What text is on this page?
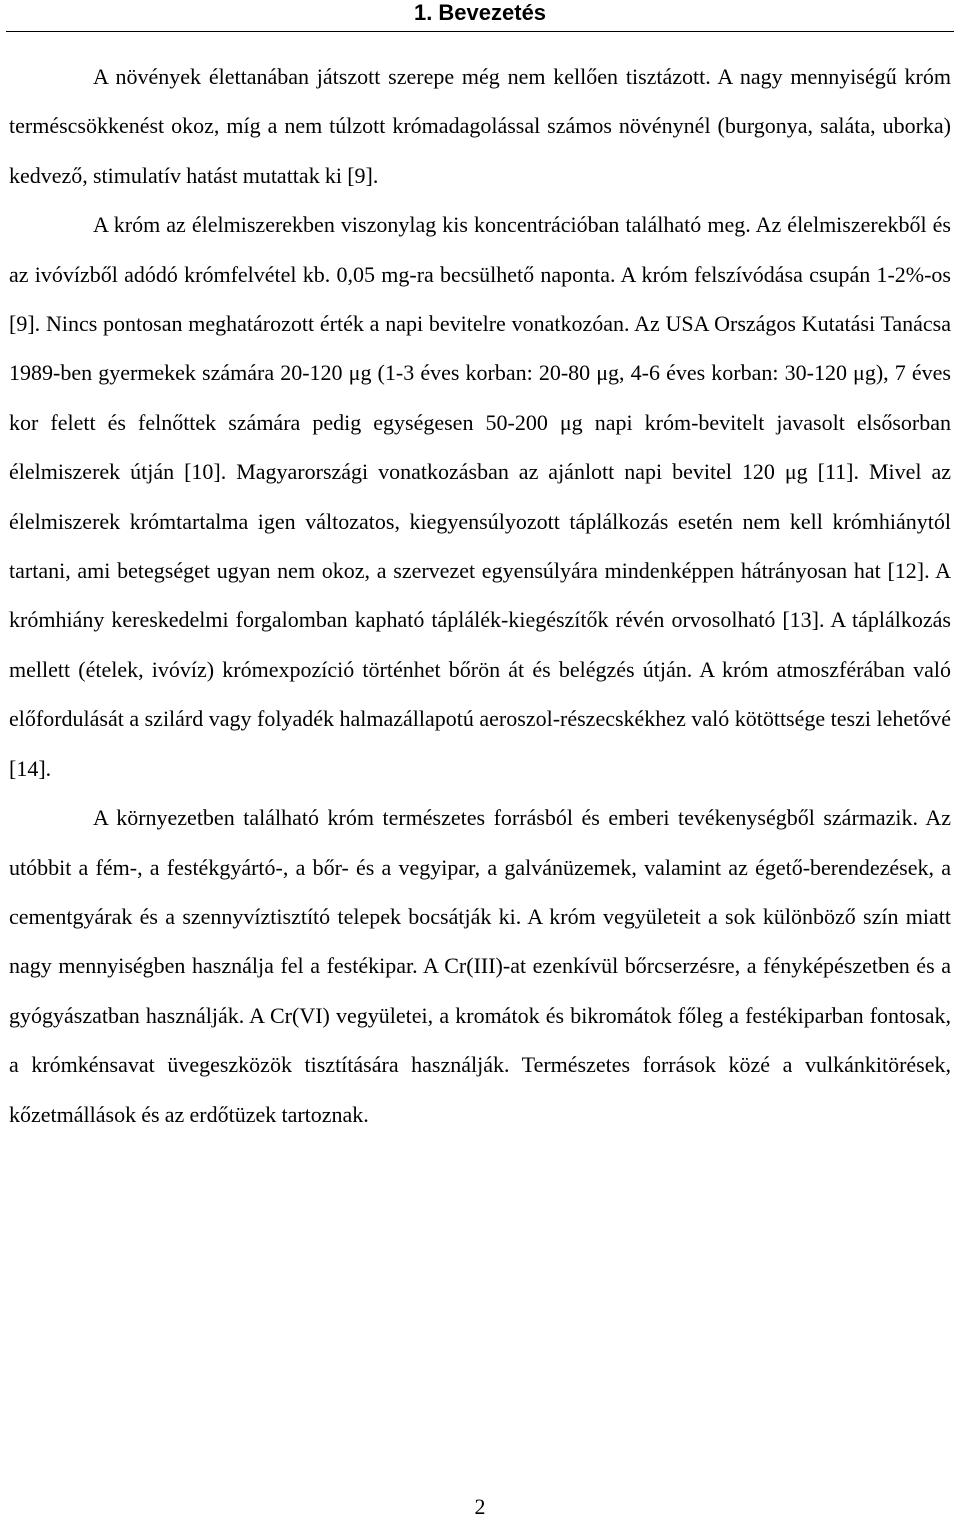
1. Bevezetés

A növények élettanában játszott szerepe még nem kellően tisztázott. A nagy mennyiségű króm terméscsökkenést okoz, míg a nem túlzott krómadagolással számos növénynél (burgonya, saláta, uborka) kedvező, stimulatív hatást mutattak ki [9].

A króm az élelmiszerekben viszonylag kis koncentrációban található meg. Az élelmiszerekből és az ivóvízből adódó krómfelvétel kb. 0,05 mg-ra becsülhető naponta. A króm felszívódása csupán 1-2%-os [9]. Nincs pontosan meghatározott érték a napi bevitelre vonatkozóan. Az USA Országos Kutatási Tanácsa 1989-ben gyermekek számára 20-120 μg (1-3 éves korban: 20-80 μg, 4-6 éves korban: 30-120 μg), 7 éves kor felett és felnőttek számára pedig egységesen 50-200 μg napi króm-bevitelt javasolt elsősorban élelmiszerek útján [10]. Magyarországi vonatkozásban az ajánlott napi bevitel 120 μg [11]. Mivel az élelmiszerek krómtartalma igen változatos, kiegyensúlyozott táplálkozás esetén nem kell krómhiánytól tartani, ami betegséget ugyan nem okoz, a szervezet egyensúlyára mindenképpen hátrányosan hat [12]. A krómhiány kereskedelmi forgalomban kapható táplálék-kiegészítők révén orvosolható [13]. A táplálkozás mellett (ételek, ivóvíz) krómexpozíció történhet bőrön át és belégzés útján. A króm atmoszférában való előfordulását a szilárd vagy folyadék halmazállapotú aeroszol-részecskékhez való kötöttsége teszi lehetővé [14].

A környezetben található króm természetes forrásból és emberi tevékenységből származik. Az utóbbit a fém-, a festékgyártó-, a bőr- és a vegyipar, a galvánüzemek, valamint az égető-berendezések, a cementgyárak és a szennyvíztisztító telepek bocsátják ki. A króm vegyületeit a sok különböző szín miatt nagy mennyiségben használja fel a festékipar. A Cr(III)-at ezenkívül bőrcserzésre, a fényképészetben és a gyógyászatban használják. A Cr(VI) vegyületei, a kromátok és bikromátok főleg a festékiparban fontosak, a krómkénsavat üvegeszközök tisztítására használják. Természetes források közé a vulkánkitörések, kőzetmállások és az erdőtüzek tartoznak.

2
